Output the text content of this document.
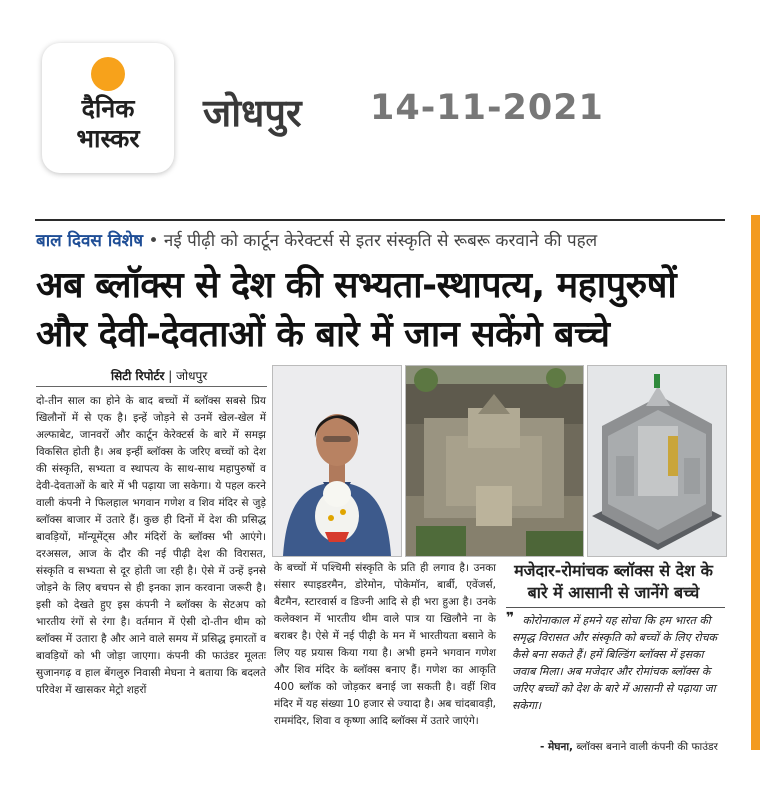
दैनिक
भास्कर
जोधपुर 14-11-2021
बाल दिवस विशेष • नई पीढ़ी को कार्टून केरेक्टर्स से इतर संस्कृति से रूबरू करवाने की पहल
अब ब्लॉक्स से देश की सभ्यता-स्थापत्य, महापुरुषों
और देवी-देवताओं के बारे में जान सकेंगे बच्चे
सिटी रिपोर्टर | जोधपुर
दो-तीन साल का होने के बाद बच्चों में ब्लॉक्स सबसे प्रिय खिलौनों में से एक है। इन्हें जोड़ने से उनमें खेल-खेल में अल्फाबेट, जानवरों और कार्टून केरेक्टर्स के बारे में समझ विकसित होती है। अब इन्हीं ब्लॉक्स के जरिए बच्चों को देश की संस्कृति, सभ्यता व स्थापत्य के साथ-साथ महापुरुषों व देवी-देवताओं के बारे में भी पढ़ाया जा सकेगा। ये पहल करने वाली कंपनी ने फिलहाल भगवान गणेश व शिव मंदिर से जुड़े ब्लॉक्स बाजार में उतारे हैं। कुछ ही दिनों में देश की प्रसिद्ध बावड़ियों, मॉन्यूमेंट्स और मंदिरों के ब्लॉक्स भी आएंगे। दरअसल, आज के दौर की नई पीढ़ी देश की विरासत, संस्कृति व सभ्यता से दूर होती जा रही है। ऐसे में उन्हें इनसे जोड़ने के लिए बचपन से ही इनका ज्ञान करवाना जरूरी है। इसी को देखते हुए इस कंपनी ने ब्लॉक्स के सेटअप को भारतीय रंगों से रंगा है। वर्तमान में ऐसी दो-तीन थीम को ब्लॉक्स में उतारा है और आने वाले समय में प्रसिद्ध इमारतों व बावड़ियों को भी जोड़ा जाएगा। कंपनी की फाउंडर मूलतः सुजानगढ़ व हाल बेंगलुरु निवासी मेघना ने बताया कि बदलते परिवेश में खासकर मेट्रो शहरों
के बच्चों में पश्चिमी संस्कृति के प्रति ही लगाव है। उनका संसार स्पाइडरमैन, डोरेमोन, पोकेमॉन, बार्बी, एवेंजर्स, बैटमैन, स्टारवार्स व डिज्नी आदि से ही भरा हुआ है। उनके कलेक्शन में भारतीय थीम वाले पात्र या खिलौने ना के बराबर है। ऐसे में नई पीढ़ी के मन में भारतीयता बसाने के लिए यह प्रयास किया गया है। अभी हमने भगवान गणेश और शिव मंदिर के ब्लॉक्स बनाए हैं। गणेश का आकृति 400 ब्लॉक को जोड़कर बनाई जा सकती है। वहीं शिव मंदिर में यह संख्या 10 हजार से ज्यादा है। अब चांदबावड़ी, राममंदिर, शिवा व कृष्णा आदि ब्लॉक्स में उतारे जाएंगे।
मजेदार-रोमांचक ब्लॉक्स से देश के बारे में आसानी से जानेंगे बच्चे
❞ कोरोनाकाल में हमने यह सोचा कि हम भारत की समृद्ध विरासत और संस्कृति को बच्चों के लिए रोचक कैसे बना सकते हैं। हमें बिल्डिंग ब्लॉक्स में इसका जवाब मिला। अब मजेदार और रोमांचक ब्लॉक्स के जरिए बच्चों को देश के बारे में आसानी से पढ़ाया जा सकेगा।
- मेघना, ब्लॉक्स बनाने वाली कंपनी की फाउंडर
